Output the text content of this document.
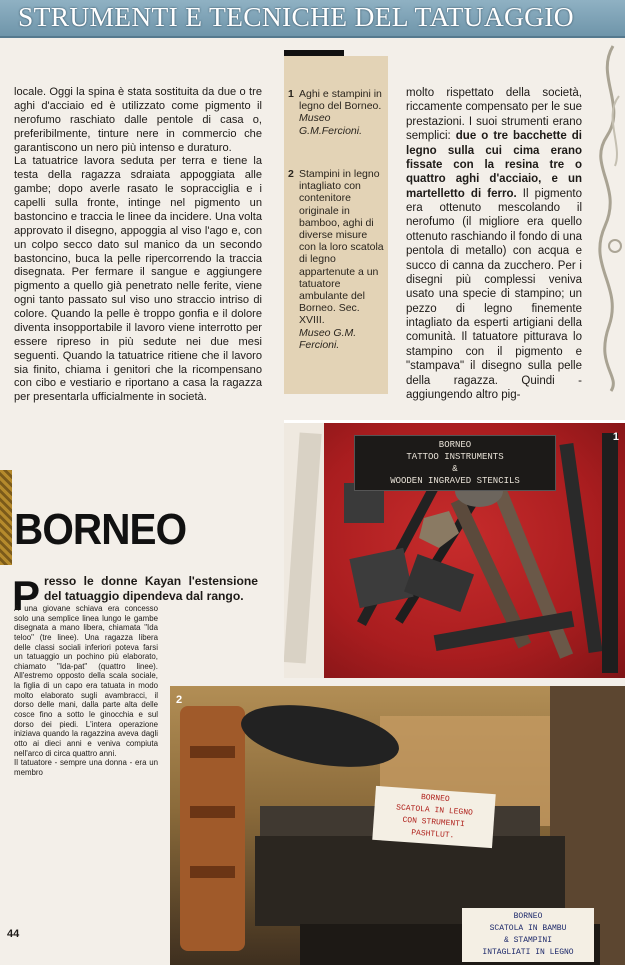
STRUMENTI E TECNICHE DEL TATUAGGIO

locale. Oggi la spina è stata sostituita da due o tre aghi d'acciaio ed è utilizzato come pigmento il nerofumo raschiato dalle pentole di casa o, preferibilmente, tinture nere in commercio che garantiscono un nero più intenso e duraturo.

La tatuatrice lavora seduta per terra e tiene la testa della ragazza sdraiata appoggiata alle gambe; dopo averle rasato le sopracciglia e i capelli sulla fronte, intinge nel pigmento un bastoncino e traccia le linee da incidere. Una volta approvato il disegno, appoggia al viso l'ago e, con un colpo secco dato sul manico da un secondo bastoncino, buca la pelle ripercorrendo la traccia disegnata. Per fermare il sangue e aggiungere pigmento a quello già penetrato nelle ferite, viene ogni tanto passato sul viso uno straccio intriso di colore. Quando la pelle è troppo gonfia e il dolore diventa insopportabile il lavoro viene interrotto per essere ripreso in più sedute nei due mesi seguenti. Quando la tatuatrice ritiene che il lavoro sia finito, chiama i genitori che la ricompensano con cibo e vestiario e riportano a casa la ragazza per presentarla ufficialmente in società.

1 Aghi e stampini in legno del Borneo.
Museo G.M.Fercioni.
2 Stampini in legno intagliato con contenitore originale in bamboo, aghi di diverse misure con la loro scatola di legno appartenute a un tatuatore ambulante del Borneo. Sec. XVIII.
Museo G.M. Fercioni.

molto rispettato della società, riccamente compensato per le sue prestazioni. I suoi strumenti erano semplici: due o tre bacchette di legno sulla cui cima erano fissate con la resina tre o quattro aghi d'acciaio, e un martelletto di ferro. Il pigmento era ottenuto mescolando il nerofumo (il migliore era quello ottenuto raschiando il fondo di una pentola di metallo) con acqua e succo di canna da zucchero. Per i disegni più complessi veniva usato una specie di stampino; un pezzo di legno finemente intagliato da esperti artigiani della comunità. Il tatuatore pitturava lo stampino con il pigmento e "stampava" il disegno sulla pelle della ragazza. Quindi - aggiungendo altro pig-

BORNEO
TATTOO INSTRUMENTS
&
WOODEN INGRAVED STENCILS
1
BORNEO
SCATOLA IN LEGNO
CON STRUMENTI
PASHTLUT.
BORNEO
SCATOLA IN BAMBU
& STAMPINI
INTAGLIATI IN LEGNO
2
BORNEO
P resso le donne Kayan l'estensione del tatuaggio dipendeva dal rango.
A una giovane schiava era concesso solo una semplice linea lungo le gambe disegnata a mano libera, chiamata "Ida teloo" (tre linee). Una ragazza libera delle classi sociali inferiori poteva farsi un tatuaggio un pochino più elaborato, chiamato "Ida-pat" (quattro linee). All'estremo opposto della scala sociale, la figlia di un capo era tatuata in modo molto elaborato sugli avambracci, il dorso delle mani, dalla parte alta delle cosce fino a sotto le ginocchia e sul dorso dei piedi. L'intera operazione iniziava quando la ragazzina aveva dagli otto ai dieci anni e veniva compiuta nell'arco di circa quattro anni.

Il tatuatore - sempre una donna - era un membro

44
